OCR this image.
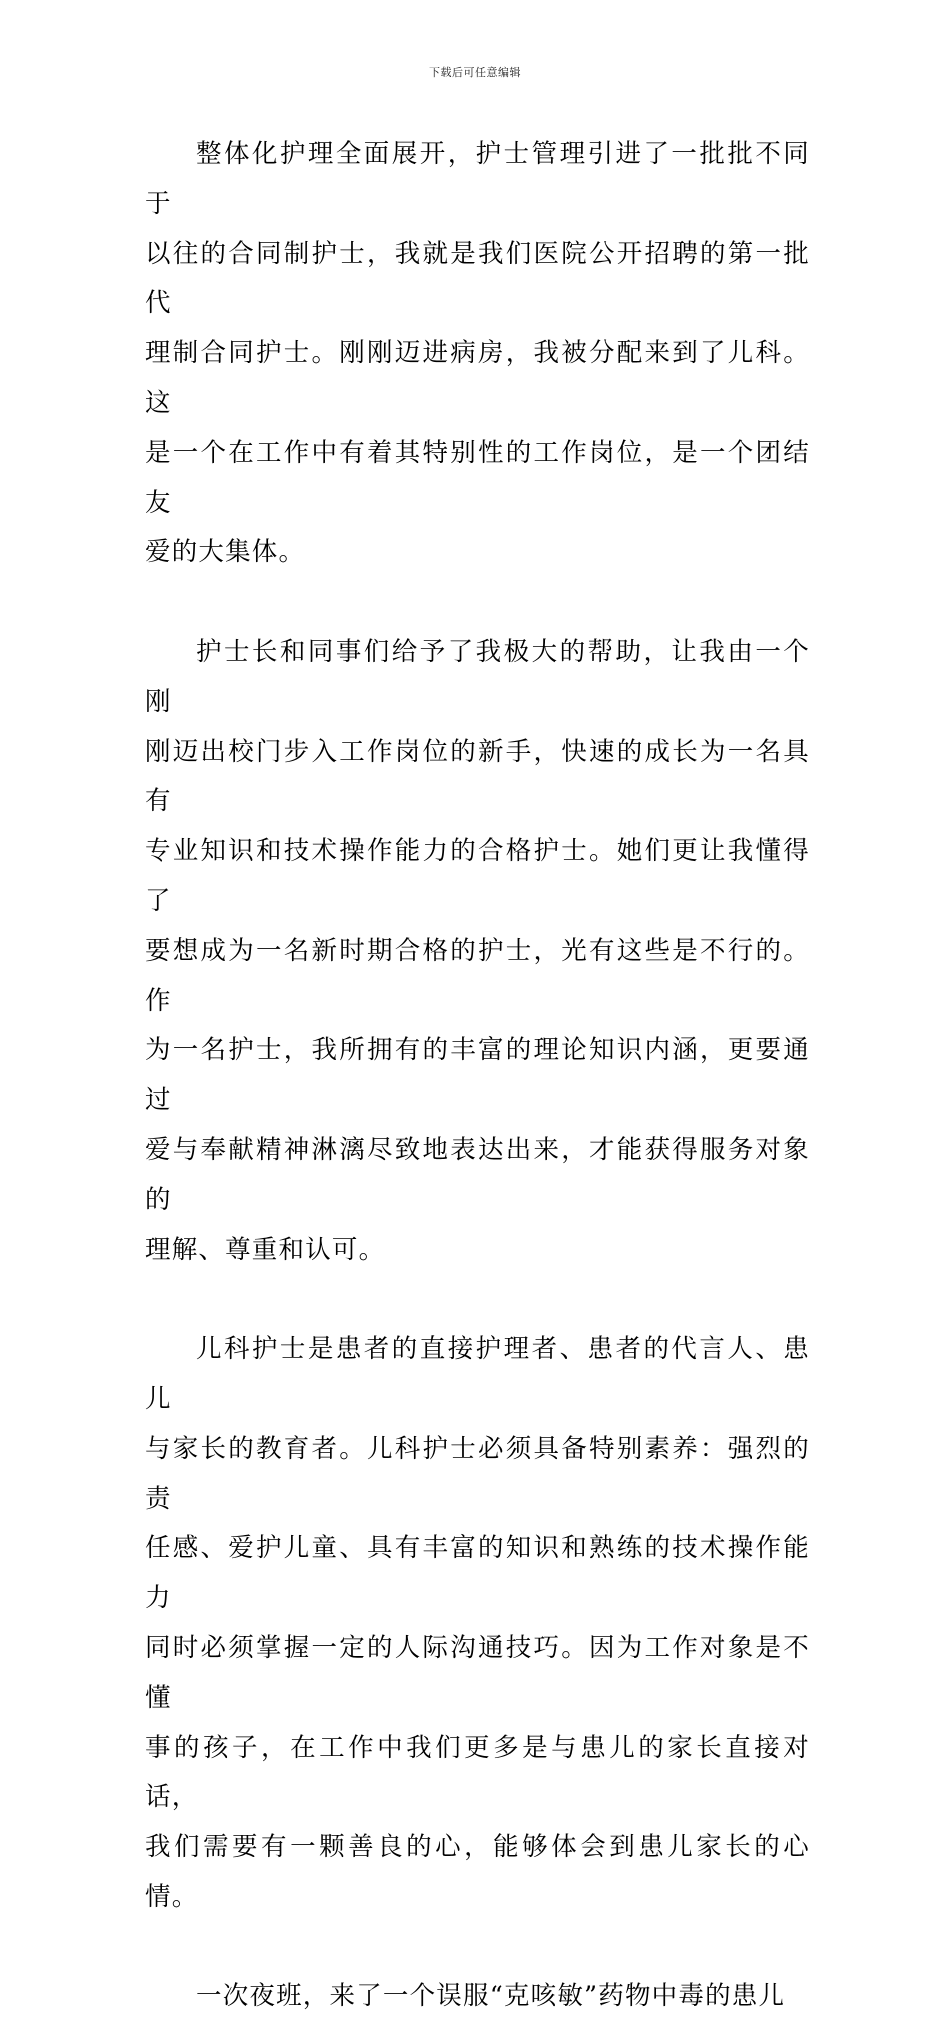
下载后可任意编辑

整体化护理全面展开，护士管理引进了一批批不同于
以往的合同制护士，我就是我们医院公开招聘的第一批代
理制合同护士。刚刚迈进病房，我被分配来到了儿科。这
是一个在工作中有着其特别性的工作岗位，是一个团结友
爱的大集体。

护士长和同事们给予了我极大的帮助，让我由一个刚
刚迈出校门步入工作岗位的新手，快速的成长为一名具有
专业知识和技术操作能力的合格护士。她们更让我懂得了
要想成为一名新时期合格的护士，光有这些是不行的。作
为一名护士，我所拥有的丰富的理论知识内涵，更要通过
爱与奉献精神淋漓尽致地表达出来，才能获得服务对象的
理解、尊重和认可。

儿科护士是患者的直接护理者、患者的代言人、患儿
与家长的教育者。儿科护士必须具备特别素养：强烈的责
任感、爱护儿童、具有丰富的知识和熟练的技术操作能力
同时必须掌握一定的人际沟通技巧。因为工作对象是不懂
事的孩子，在工作中我们更多是与患儿的家长直接对话，
我们需要有一颗善良的心，能够体会到患儿家长的心情。

一次夜班，来了一个误服“克咳敏”药物中毒的患儿
